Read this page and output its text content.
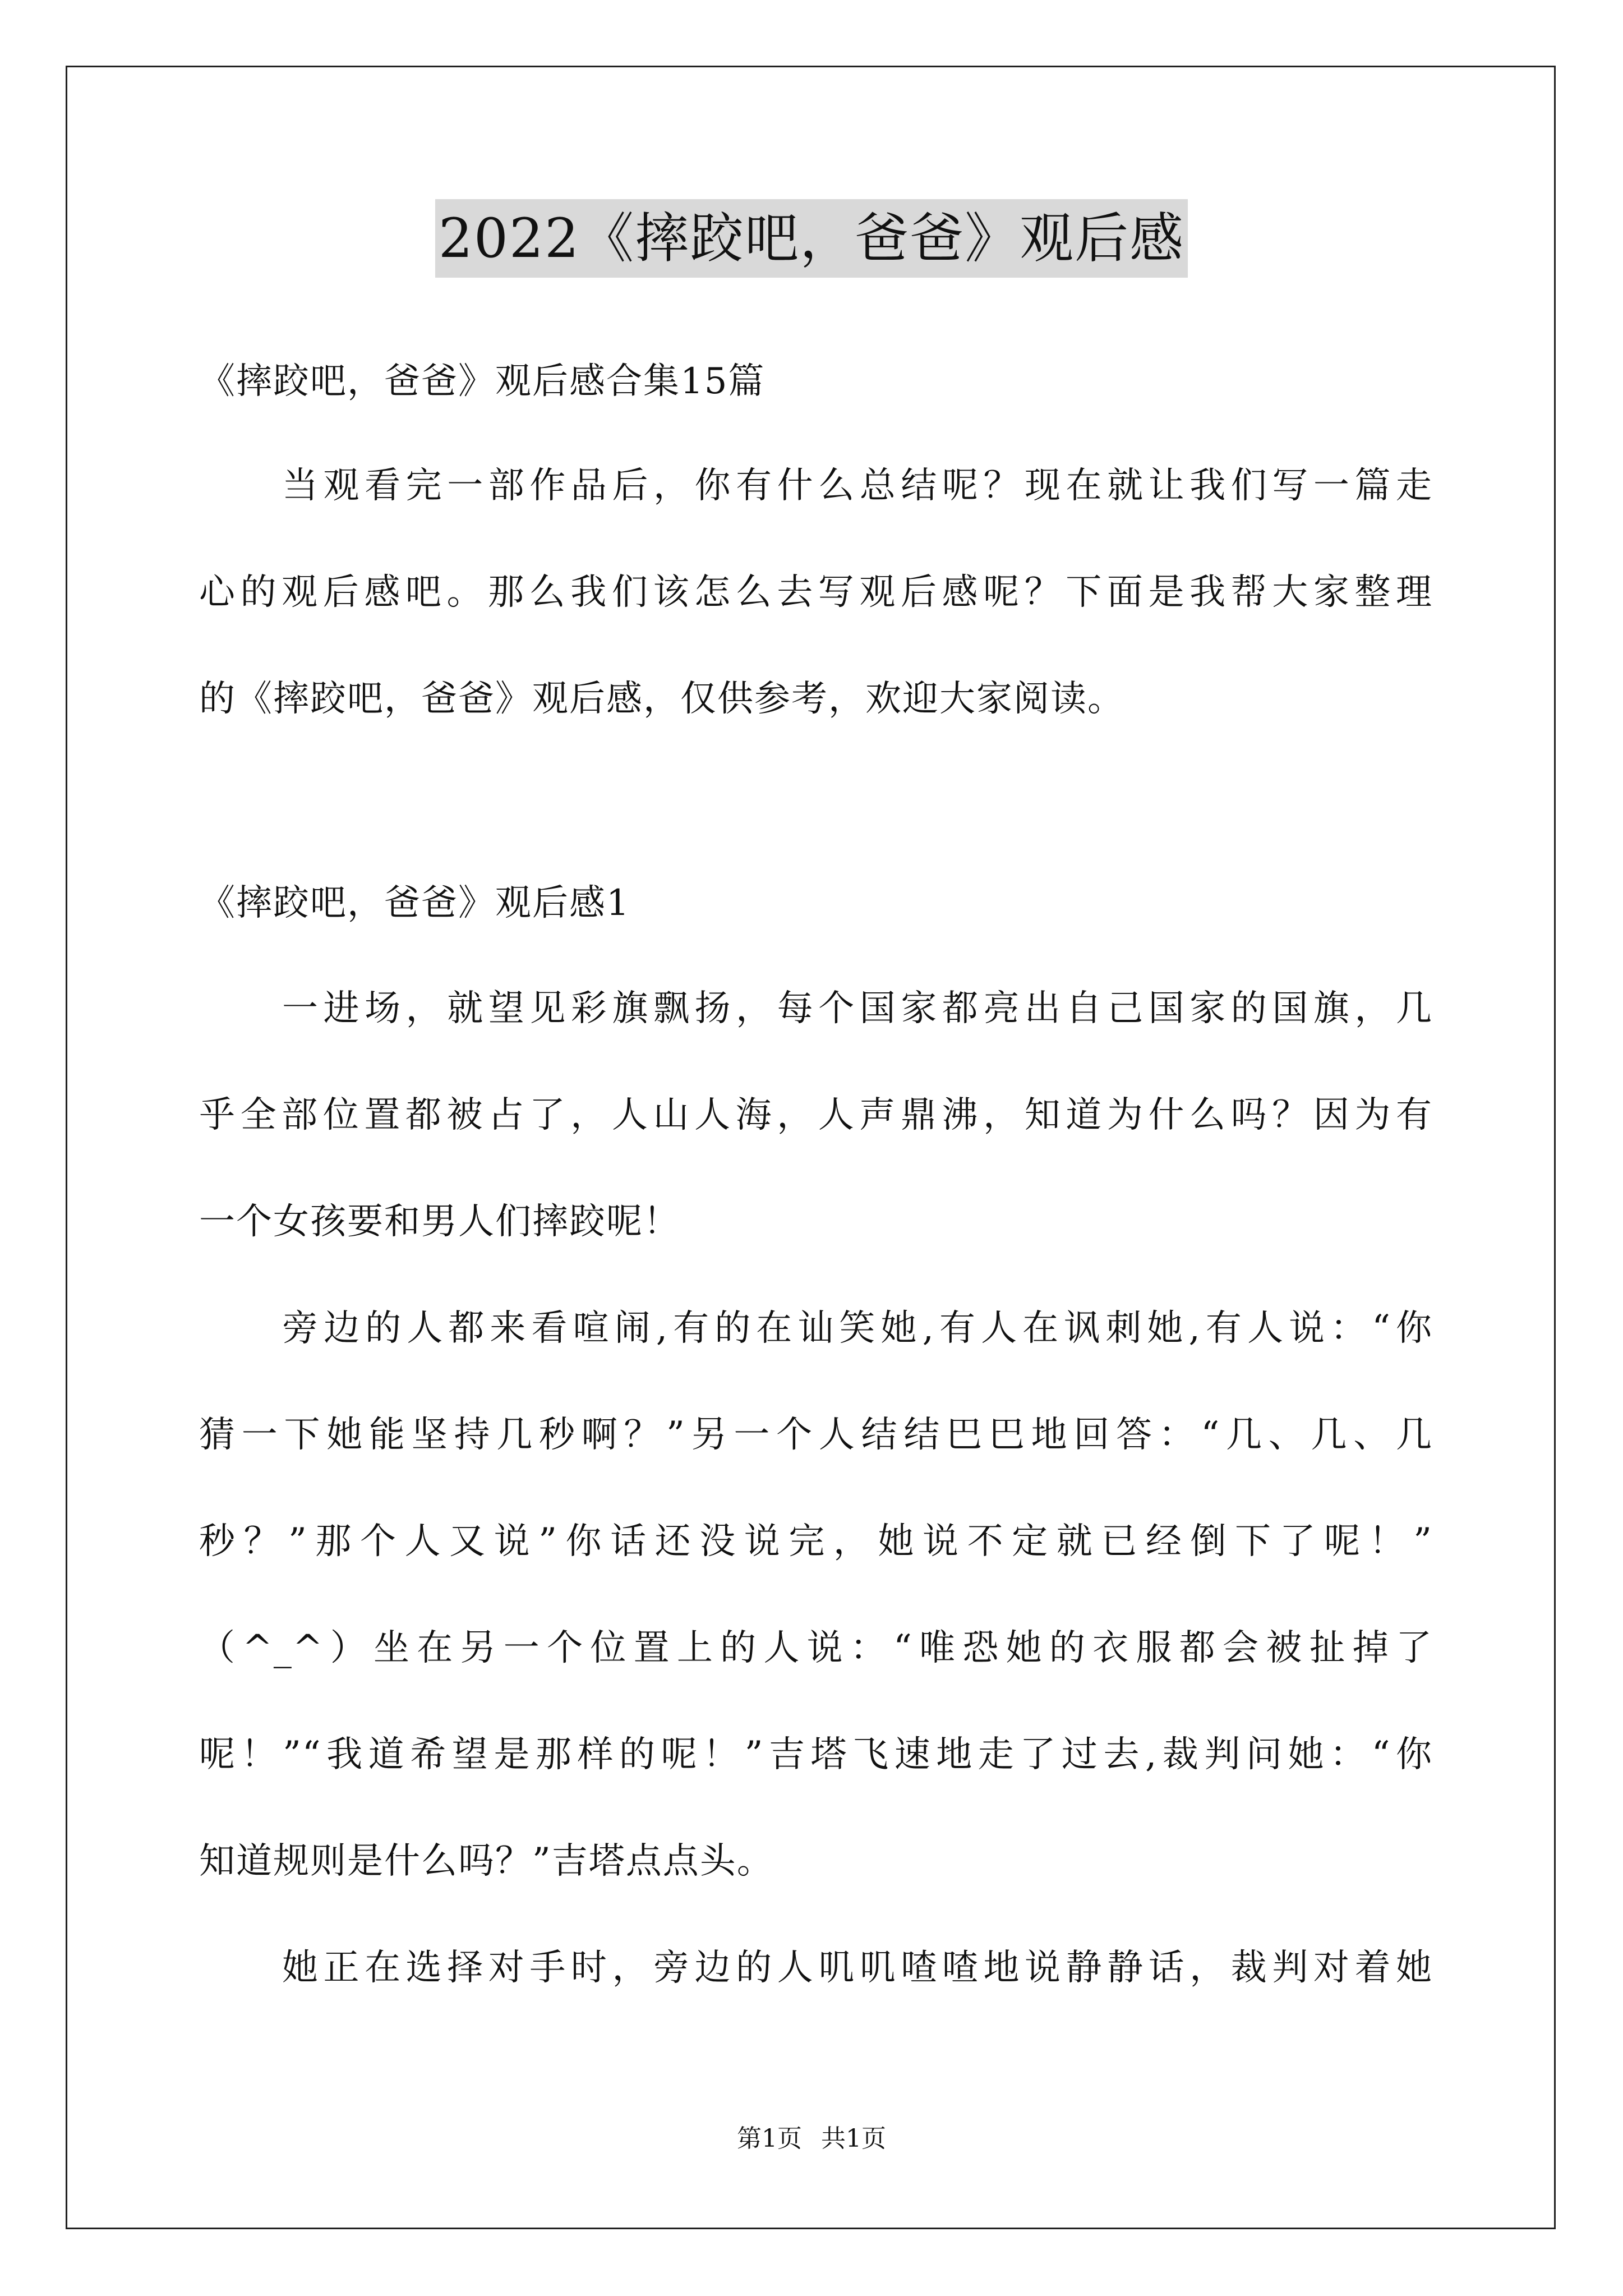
2022《摔跤吧，爸爸》观后感
《摔跤吧，爸爸》观后感合集15篇
当观看完一部作品后，你有什么总结呢？现在就让我们写一篇走
心的观后感吧。那么我们该怎么去写观后感呢？下面是我帮大家整理
的《摔跤吧，爸爸》观后感，仅供参考，欢迎大家阅读。
《摔跤吧，爸爸》观后感1
一进场，就望见彩旗飘扬，每个国家都亮出自己国家的国旗，几
乎全部位置都被占了，人山人海，人声鼎沸，知道为什么吗？因为有
一个女孩要和男人们摔跤呢！
旁边的人都来看喧闹,有的在讪笑她,有人在讽刺她,有人说：“你
猜一下她能坚持几秒啊？”另一个人结结巴巴地回答：“几、几、几
秒？”那个人又说”你话还没说完，她说不定就已经倒下了呢！”
（^_^）坐在另一个位置上的人说：“唯恐她的衣服都会被扯掉了
呢！”“我道希望是那样的呢！”吉塔飞速地走了过去,裁判问她：“你
知道规则是什么吗？”吉塔点点头。
她正在选择对手时，旁边的人叽叽喳喳地说静静话，裁判对着她
第1页 共1页
